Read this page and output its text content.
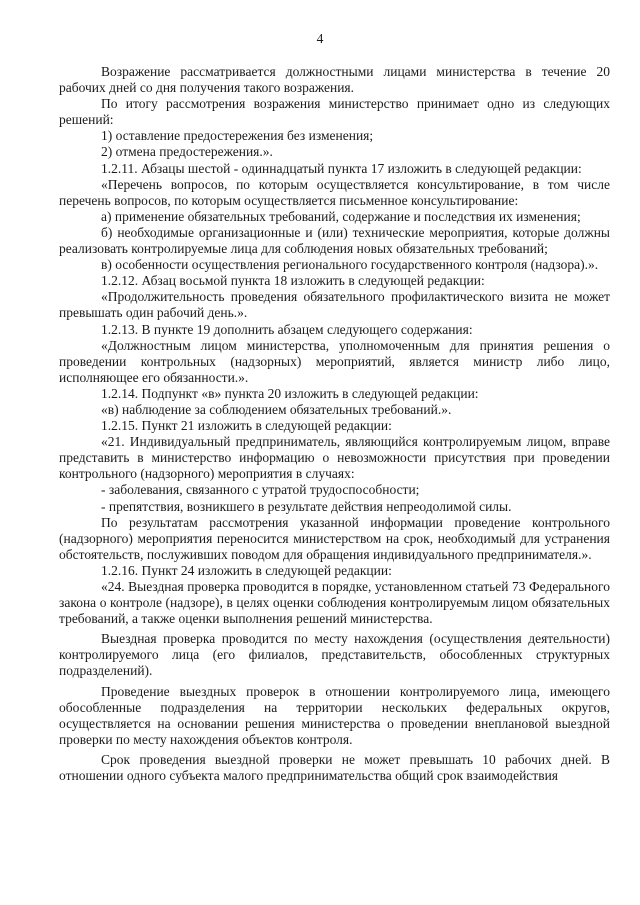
4

Возражение рассматривается должностными лицами министерства в течение 20 рабочих дней со дня получения такого возражения.

По итогу рассмотрения возражения министерство принимает одно из следующих решений:

1) оставление предостережения без изменения;

2) отмена предостережения.».

1.2.11. Абзацы шестой - одиннадцатый пункта 17 изложить в следующей редакции:

«Перечень вопросов, по которым осуществляется консультирование, в том числе перечень вопросов, по которым осуществляется письменное консультирование:

а) применение обязательных требований, содержание и последствия их изменения;

б) необходимые организационные и (или) технические мероприятия, которые должны реализовать контролируемые лица для соблюдения новых обязательных требований;

в) особенности осуществления регионального государственного контроля (надзора).».

1.2.12. Абзац восьмой пункта 18 изложить в следующей редакции:

«Продолжительность проведения обязательного профилактического визита не может превышать один рабочий день.».

1.2.13. В пункте 19 дополнить абзацем следующего содержания:

«Должностным лицом министерства, уполномоченным для принятия решения о проведении контрольных (надзорных) мероприятий, является министр либо лицо, исполняющее его обязанности.».

1.2.14. Подпункт «в» пункта 20 изложить в следующей редакции:

«в) наблюдение за соблюдением обязательных требований.».

1.2.15. Пункт 21 изложить в следующей редакции:

«21. Индивидуальный предприниматель, являющийся контролируемым лицом, вправе представить в министерство информацию о невозможности присутствия при проведении контрольного (надзорного) мероприятия в случаях:

- заболевания, связанного с утратой трудоспособности;

- препятствия, возникшего в результате действия непреодолимой силы.

По результатам рассмотрения указанной информации проведение контрольного (надзорного) мероприятия переносится министерством на срок, необходимый для устранения обстоятельств, послуживших поводом для обращения индивидуального предпринимателя.».

1.2.16. Пункт 24 изложить в следующей редакции:

«24. Выездная проверка проводится в порядке, установленном статьей 73 Федерального закона о контроле (надзоре), в целях оценки соблюдения контролируемым лицом обязательных требований, а также оценки выполнения решений министерства.

Выездная проверка проводится по месту нахождения (осуществления деятельности) контролируемого лица (его филиалов, представительств, обособленных структурных подразделений).

Проведение выездных проверок в отношении контролируемого лица, имеющего обособленные подразделения на территории нескольких федеральных округов, осуществляется на основании решения министерства о проведении внеплановой выездной проверки по месту нахождения объектов контроля.

Срок проведения выездной проверки не может превышать 10 рабочих дней. В отношении одного субъекта малого предпринимательства общий срок взаимодействия
